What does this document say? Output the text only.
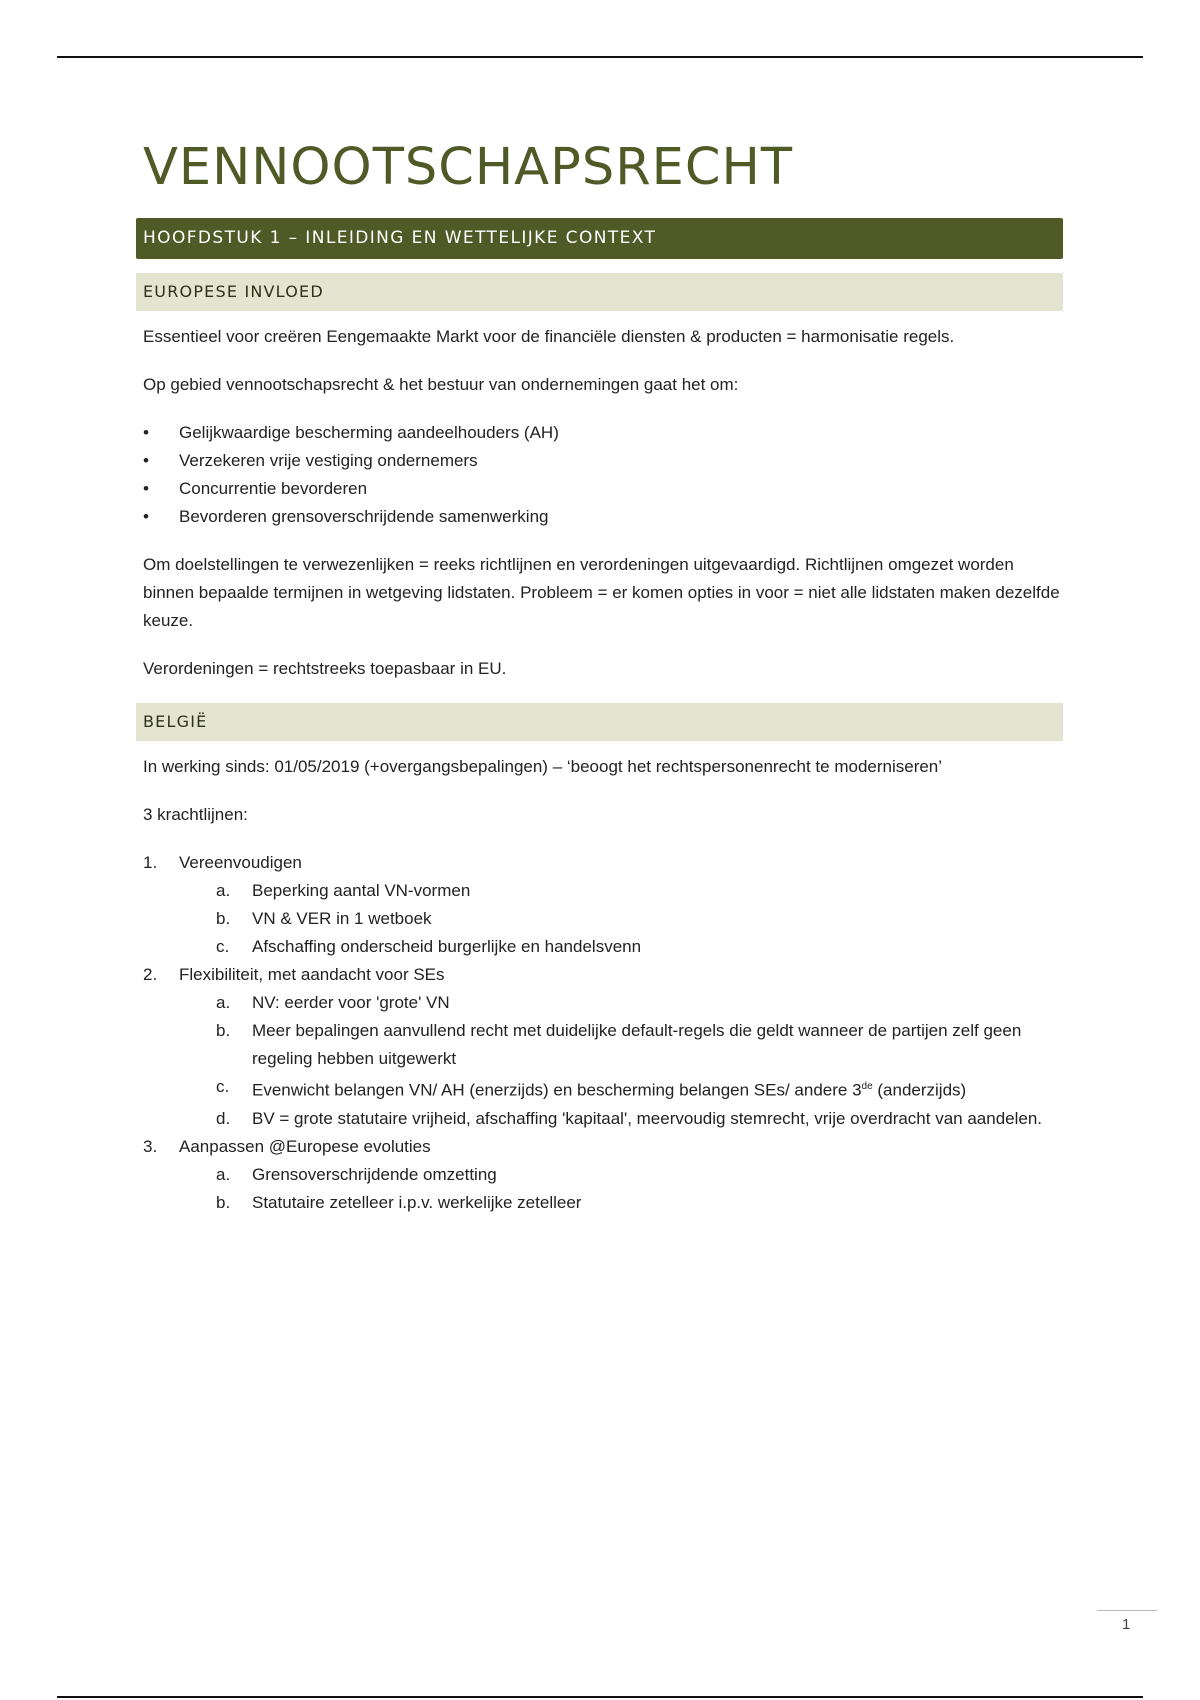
VENNOOTSCHAPSRECHT
HOOFDSTUK 1 – INLEIDING EN WETTELIJKE CONTEXT
EUROPESE INVLOED

Essentieel voor creëren Eengemaakte Markt voor de financiële diensten & producten = harmonisatie regels.

Op gebied vennootschapsrecht & het bestuur van ondernemingen gaat het om:

• Gelijkwaardige bescherming aandeelhouders (AH)
• Verzekeren vrije vestiging ondernemers
• Concurrentie bevorderen
• Bevorderen grensoverschrijdende samenwerking

Om doelstellingen te verwezenlijken = reeks richtlijnen en verordeningen uitgevaardigd. Richtlijnen omgezet worden binnen bepaalde termijnen in wetgeving lidstaten. Probleem = er komen opties in voor = niet alle lidstaten maken dezelfde keuze.

Verordeningen = rechtstreeks toepasbaar in EU.

BELGIË

In werking sinds: 01/05/2019 (+overgangsbepalingen) – ‘beoogt het rechtspersonenrecht te moderniseren’

3 krachtlijnen:

1. Vereenvoudigen
a. Beperking aantal VN-vormen
b. VN & VER in 1 wetboek
c. Afschaffing onderscheid burgerlijke en handelsvenn
2. Flexibiliteit, met aandacht voor SEs
a. NV: eerder voor 'grote' VN
b. Meer bepalingen aanvullend recht met duidelijke default-regels die geldt wanneer de partijen zelf geen regeling hebben uitgewerkt
c. Evenwicht belangen VN/ AH (enerzijds) en bescherming belangen SEs/ andere 3de (anderzijds)
d. BV = grote statutaire vrijheid, afschaffing 'kapitaal', meervoudig stemrecht, vrije overdracht van aandelen.
3. Aanpassen @Europese evoluties
a. Grensoverschrijdende omzetting
b. Statutaire zetelleer i.p.v. werkelijke zetelleer
1
